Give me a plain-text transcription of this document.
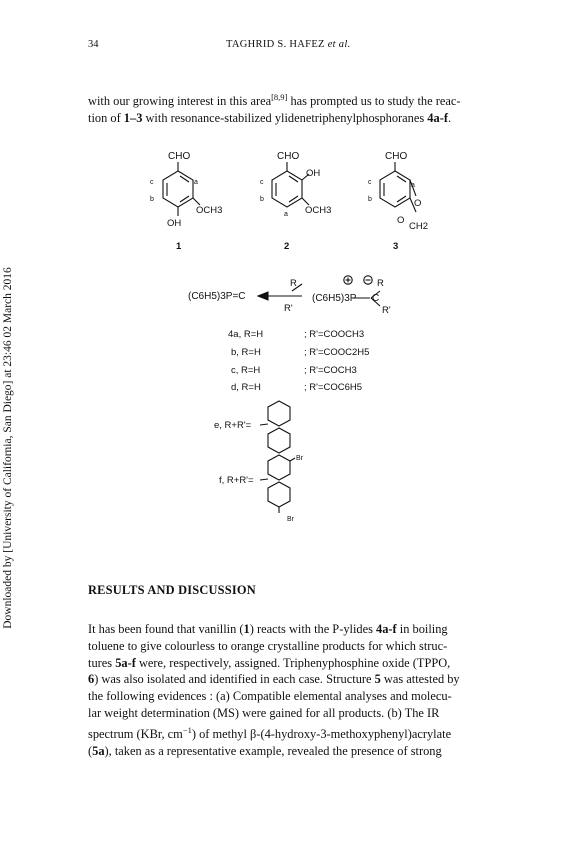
34	TAGHRID S. HAFEZ et al.
Downloaded by [University of California, San Diego] at 23:46 02 March 2016

with our growing interest in this area[8,9] has prompted us to study the reac-

tion of 1–3 with resonance-stabilized ylidenetriphenylphosphoranes 4a-f.

CHO
c	a
b
OCH3
OH
1
CHO
OH
c
b
a OCH3
2
CHO
c	a
b	O
O
CH2
3
(C6H5)3P=C
R
R'
(C6H5)3P C
R
R'
4a, R=H	; R'=COOCH3
b, R=H	; R'=COOC2H5
c, R=H	; R'=COCH3
d, R=H	; R'=COC6H5
e, R+R'=
f, R+R'=
Br
Br
RESULTS AND DISCUSSION

It has been found that vanillin (1) reacts with the P-ylides 4a-f in boiling

toluene to give colourless to orange crystalline products for which struc-

tures 5a-f were, respectively, assigned. Triphenyphosphine oxide (TPPO,

6) was also isolated and identified in each case. Structure 5 was attested by

the following evidences : (a) Compatible elemental analyses and molecu-

lar weight determination (MS) were gained for all products. (b) The IR

spectrum (KBr, $cm^{-1}$) of methyl β-(4-hydroxy-3-methoxyphenyl)acrylate

(5a), taken as a representative example, revealed the presence of strong
